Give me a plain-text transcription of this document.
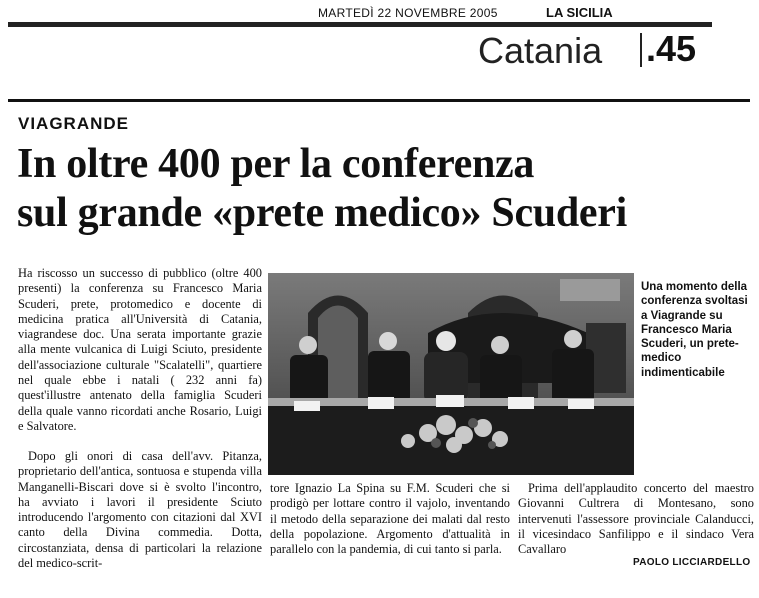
MARTEDÌ 22 NOVEMBRE 2005	LA SICILIA
Catania .45
VIAGRANDE
In oltre 400 per la conferenza
sul grande «prete medico» Scuderi

Ha riscosso un successo di pubblico (oltre 400 presenti) la conferenza su Francesco Maria Scuderi, prete, protomedico e docente di medicina pratica all'Università di Catania, viagrandese doc. Una serata importante grazie alla mente vulcanica di Luigi Sciuto, presidente dell'associazione culturale "Scalatelli", quartiere nel quale ebbe i natali ( 232 anni fa) quest'illustre antenato della famiglia Scuderi della quale vanno ricordati anche Rosario, Luigi e Salvatore.

Dopo gli onori di casa dell'avv. Pitanza, proprietario dell'antica, sontuosa e stupenda villa Manganelli-Biscari dove si è svolto l'incontro, ha avviato i lavori il presidente Sciuto introducendo l'argomento con citazioni dal XVI canto della Divina commedia. Dotta, circostanziata, densa di particolari la relazione del medico-scrit-

Una momento della conferenza svoltasi a Viagrande su Francesco Maria Scuderi, un prete-medico indimenticabile

tore Ignazio La Spina su F.M. Scuderi che si prodigò per lottare contro il vajolo, inventando il metodo della separazione dei malati dal resto della popolazione. Argomento d'attualità in parallelo con la pandemia, di cui tanto si parla.

Prima dell'applaudito concerto del maestro Giovanni Cultrera di Montesano, sono intervenuti l'assessore provinciale Calanducci, il vicesindaco Sanfilippo e il sindaco Vera Cavallaro

PAOLO LICCIARDELLO
